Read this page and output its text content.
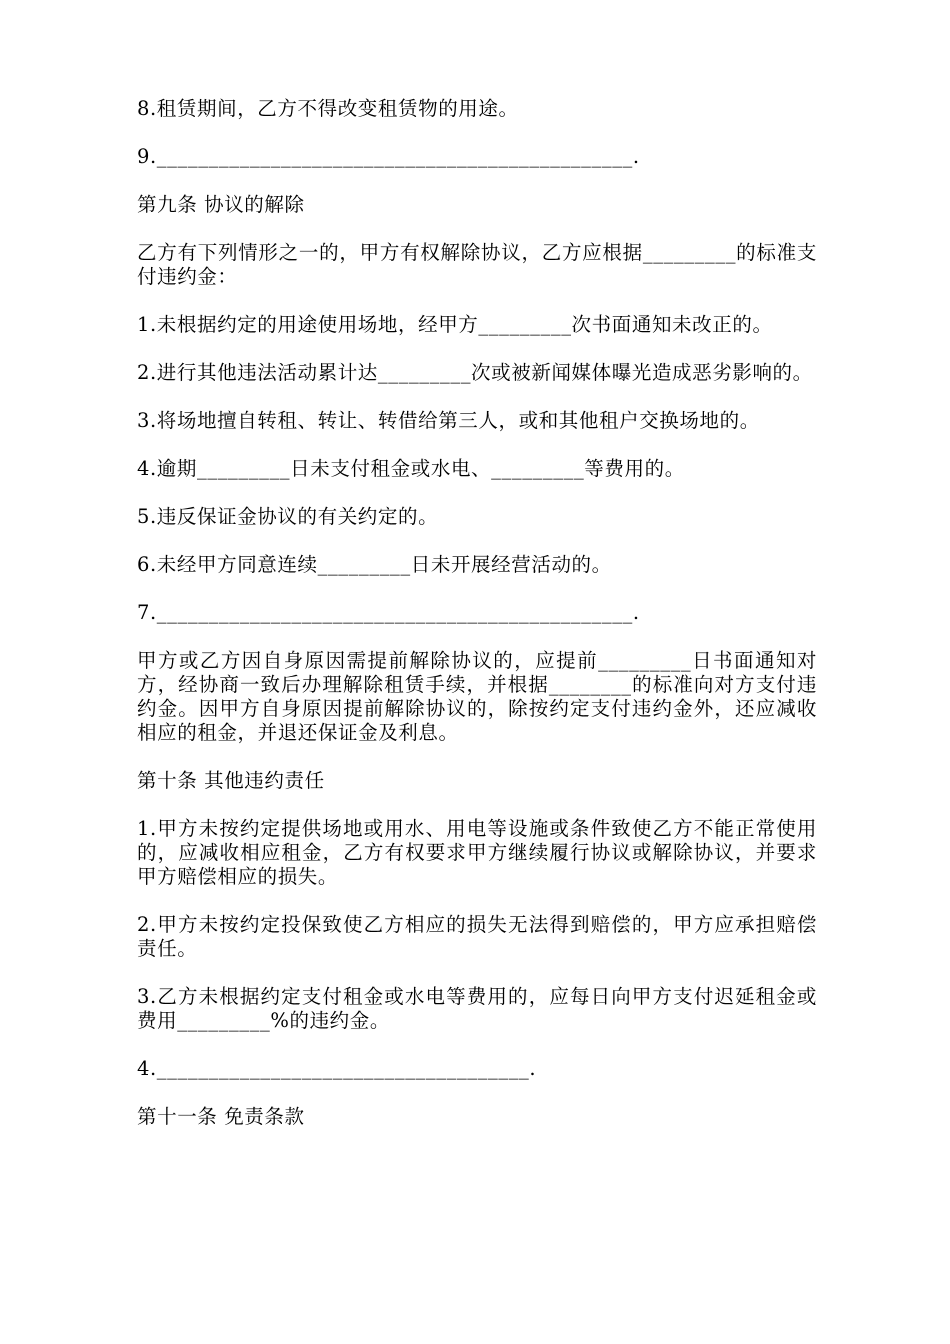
8.租赁期间，乙方不得改变租赁物的用途。

9.______________________________________________.

第九条 协议的解除

乙方有下列情形之一的，甲方有权解除协议，乙方应根据_________的标准支付违约金：

1.未根据约定的用途使用场地，经甲方_________次书面通知未改正的。

2.进行其他违法活动累计达_________次或被新闻媒体曝光造成恶劣影响的。

3.将场地擅自转租、转让、转借给第三人，或和其他租户交换场地的。

4.逾期_________日未支付租金或水电、_________等费用的。

5.违反保证金协议的有关约定的。

6.未经甲方同意连续_________日未开展经营活动的。

7.______________________________________________.

甲方或乙方因自身原因需提前解除协议的，应提前_________日书面通知对方，经协商一致后办理解除租赁手续，并根据________的标准向对方支付违约金。因甲方自身原因提前解除协议的，除按约定支付违约金外，还应减收相应的租金，并退还保证金及利息。

第十条 其他违约责任

1.甲方未按约定提供场地或用水、用电等设施或条件致使乙方不能正常使用的，应减收相应租金，乙方有权要求甲方继续履行协议或解除协议，并要求甲方赔偿相应的损失。

2.甲方未按约定投保致使乙方相应的损失无法得到赔偿的，甲方应承担赔偿责任。

3.乙方未根据约定支付租金或水电等费用的，应每日向甲方支付迟延租金或费用_________%的违约金。

4.____________________________________.

第十一条 免责条款
